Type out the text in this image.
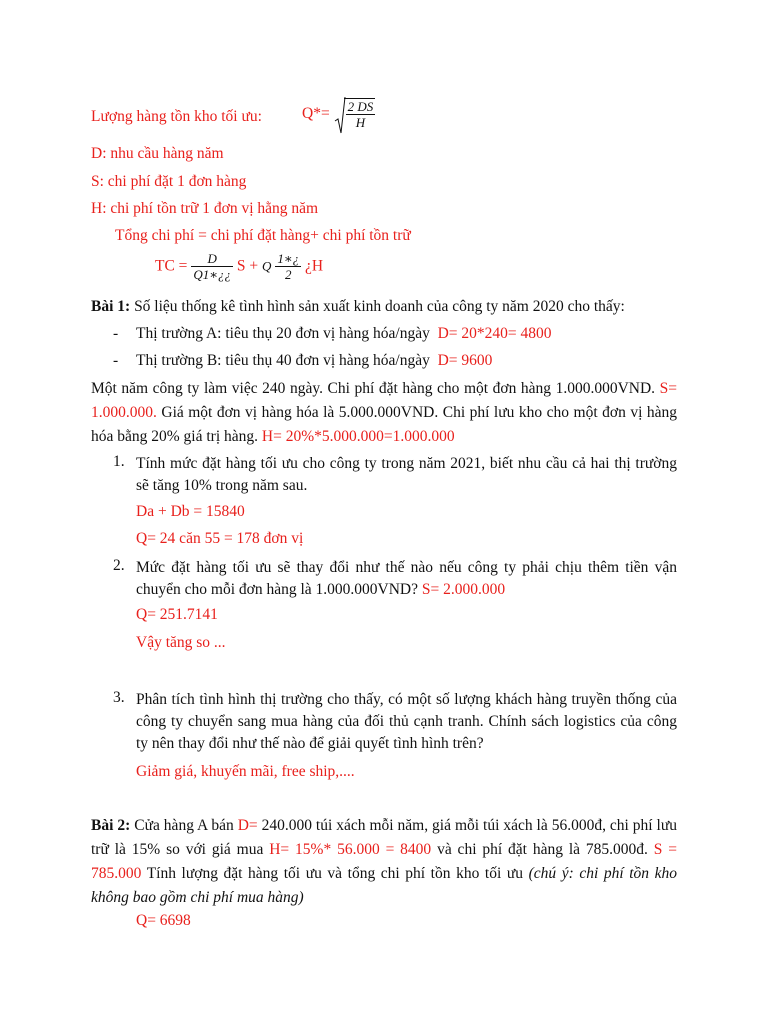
Lượng hàng tồn kho tối ưu:	$Q*= \frac{2 DS}{H}$
D: nhu cầu hàng năm
S: chi phí đặt 1 đơn hàng
H: chi phí tồn trữ 1 đơn vị hằng năm
Tổng chi phí = chi phí đặt hàng+ chi phí tồn trữ
TC = $\frac{D}{Q1∗¿¿}$ S + Q $\frac{1∗¿}{2}$ ¿H
Bài 1: Số liệu thống kê tình hình sản xuất kinh doanh của công ty năm 2020 cho thấy:
- Thị trường A: tiêu thụ 20 đơn vị hàng hóa/ngày D= 20*240= 4800
- Thị trường B: tiêu thụ 40 đơn vị hàng hóa/ngày D= 9600
Một năm công ty làm việc 240 ngày. Chi phí đặt hàng cho một đơn hàng 1.000.000VND. S= 1.000.000. Giá một đơn vị hàng hóa là 5.000.000VND. Chi phí lưu kho cho một đơn vị hàng hóa bằng 20% giá trị hàng. H= 20%*5.000.000=1.000.000
1. Tính mức đặt hàng tối ưu cho công ty trong năm 2021, biết nhu cầu cả hai thị trường sẽ tăng 10% trong năm sau.
Da + Db = 15840
Q= 24 căn 55 = 178 đơn vị
2. Mức đặt hàng tối ưu sẽ thay đổi như thế nào nếu công ty phải chịu thêm tiền vận chuyển cho mỗi đơn hàng là 1.000.000VND? S= 2.000.000
Q= 251.7141
Vậy tăng so ...
3. Phân tích tình hình thị trường cho thấy, có một số lượng khách hàng truyền thống của công ty chuyển sang mua hàng của đối thủ cạnh tranh. Chính sách logistics của công ty nên thay đổi như thế nào để giải quyết tình hình trên?
Giảm giá, khuyến mãi, free ship,....
Bài 2: Cửa hàng A bán D= 240.000 túi xách mỗi năm, giá mỗi túi xách là 56.000đ, chi phí lưu trữ là 15% so với giá mua H= 15%* 56.000 = 8400 và chi phí đặt hàng là 785.000đ. S = 785.000 Tính lượng đặt hàng tối ưu và tổng chi phí tồn kho tối ưu (chú ý: chi phí tồn kho không bao gồm chi phí mua hàng)
Q= 6698
